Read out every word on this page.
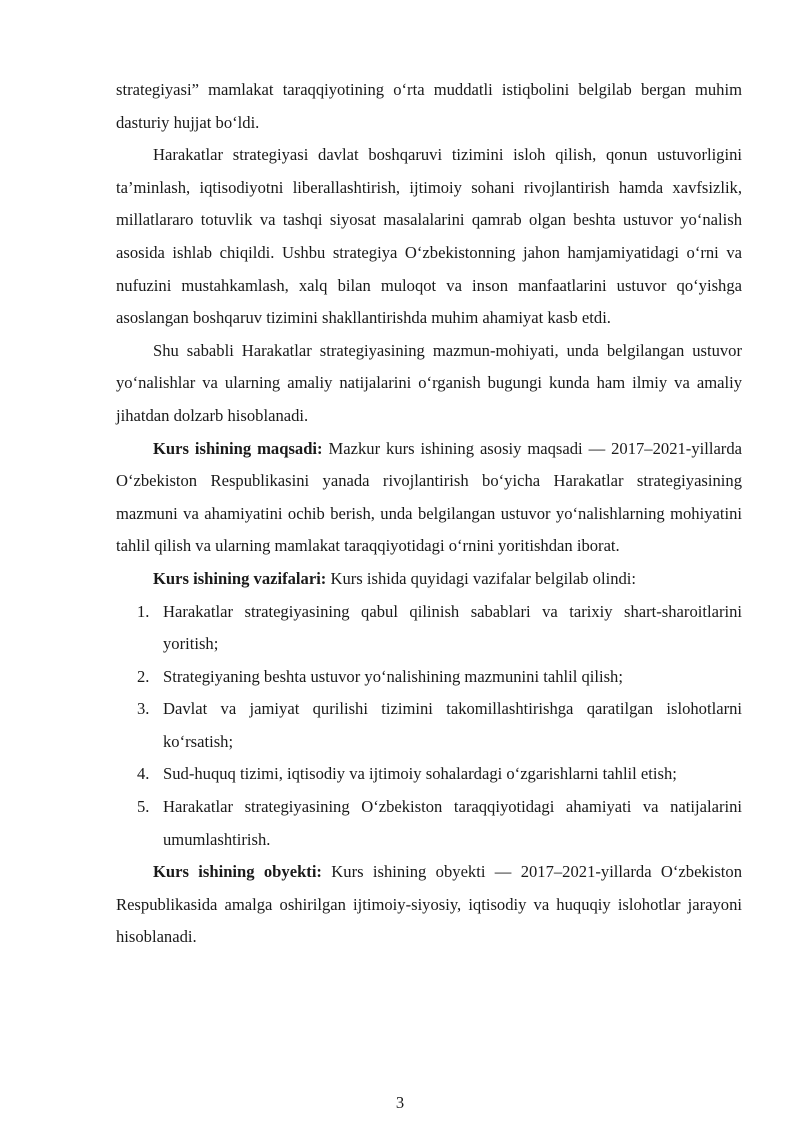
strategiyasi” mamlakat taraqqiyotining o‘rta muddatli istiqbolini belgilab bergan muhim dasturiy hujjat bo‘ldi.

Harakatlar strategiyasi davlat boshqaruvi tizimini isloh qilish, qonun ustuvorligini ta’minlash, iqtisodiyotni liberallashtirish, ijtimoiy sohani rivojlantirish hamda xavfsizlik, millatlararo totuvlik va tashqi siyosat masalalarini qamrab olgan beshta ustuvor yo‘nalish asosida ishlab chiqildi. Ushbu strategiya O‘zbekistonning jahon hamjamiyatidagi o‘rni va nufuzini mustahkamlash, xalq bilan muloqot va inson manfaatlarini ustuvor qo‘yishga asoslangan boshqaruv tizimini shakllantirishda muhim ahamiyat kasb etdi.

Shu sababli Harakatlar strategiyasining mazmun-mohiyati, unda belgilangan ustuvor yo‘nalishlar va ularning amaliy natijalarini o‘rganish bugungi kunda ham ilmiy va amaliy jihatdan dolzarb hisoblanadi.

Kurs ishining maqsadi: Mazkur kurs ishining asosiy maqsadi — 2017–2021-yillarda O‘zbekiston Respublikasini yanada rivojlantirish bo‘yicha Harakatlar strategiyasining mazmuni va ahamiyatini ochib berish, unda belgilangan ustuvor yo‘nalishlarning mohiyatini tahlil qilish va ularning mamlakat taraqqiyotidagi o‘rnini yoritishdan iborat.

Kurs ishining vazifalari: Kurs ishida quyidagi vazifalar belgilab olindi:

1. Harakatlar strategiyasining qabul qilinish sabablari va tarixiy shart-sharoitlarini yoritish;
2. Strategiyaning beshta ustuvor yo‘nalishining mazmunini tahlil qilish;
3. Davlat va jamiyat qurilishi tizimini takomillashtirishga qaratilgan islohotlarni ko‘rsatish;
4. Sud-huquq tizimi, iqtisodiy va ijtimoiy sohalardagi o‘zgarishlarni tahlil etish;
5. Harakatlar strategiyasining O‘zbekiston taraqqiyotidagi ahamiyati va natijalarini umumlashtirish.

Kurs ishining obyekti: Kurs ishining obyekti — 2017–2021-yillarda O‘zbekiston Respublikasida amalga oshirilgan ijtimoiy-siyosiy, iqtisodiy va huquqiy islohotlar jarayoni hisoblanadi.

3
